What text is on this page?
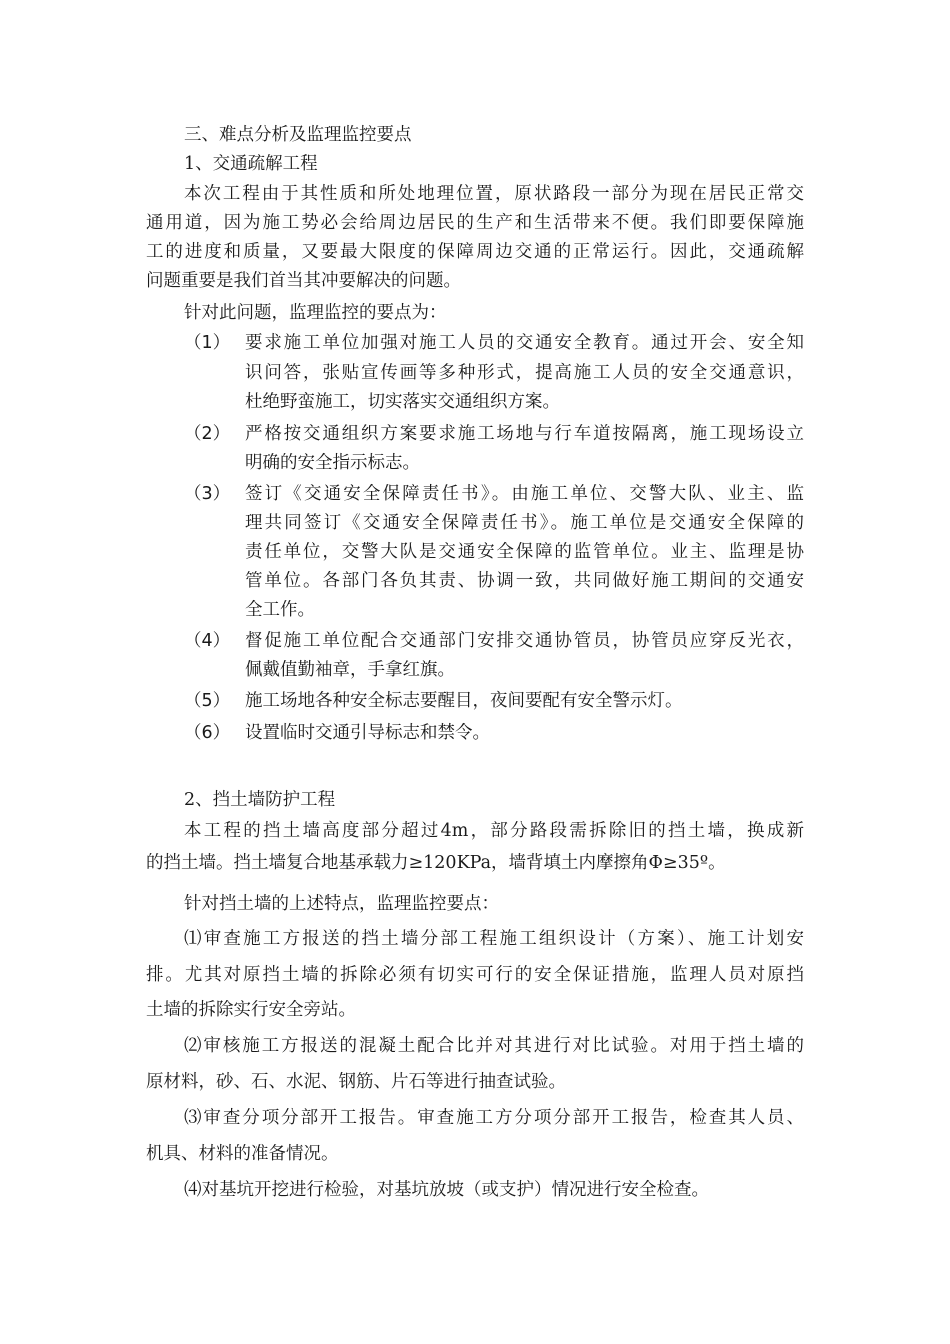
三、难点分析及监理监控要点
1、交通疏解工程
本次工程由于其性质和所处地理位置，原状路段一部分为现在居民正常交
通用道，因为施工势必会给周边居民的生产和生活带来不便。我们即要保障施
工的进度和质量，又要最大限度的保障周边交通的正常运行。因此，交通疏解
问题重要是我们首当其冲要解决的问题。
针对此问题，监理监控的要点为：
（1） 要求施工单位加强对施工人员的交通安全教育。通过开会、安全知
识问答，张贴宣传画等多种形式，提高施工人员的安全交通意识，
杜绝野蛮施工，切实落实交通组织方案。
（2） 严格按交通组织方案要求施工场地与行车道按隔离，施工现场设立
明确的安全指示标志。
（3） 签订《交通安全保障责任书》。由施工单位、交警大队、业主、监
理共同签订《交通安全保障责任书》。施工单位是交通安全保障的
责任单位，交警大队是交通安全保障的监管单位。业主、监理是协
管单位。各部门各负其责、协调一致，共同做好施工期间的交通安
全工作。
（4） 督促施工单位配合交通部门安排交通协管员，协管员应穿反光衣，
佩戴值勤袖章，手拿红旗。
（5） 施工场地各种安全标志要醒目，夜间要配有安全警示灯。
（6） 设置临时交通引导标志和禁令。
2、挡土墙防护工程
本工程的挡土墙高度部分超过4m，部分路段需拆除旧的挡土墙，换成新
的挡土墙。挡土墙复合地基承载力≥120KPa，墙背填土内摩擦角Φ≥35º。
针对挡土墙的上述特点，监理监控要点：
⑴审查施工方报送的挡土墙分部工程施工组织设计（方案）、施工计划安
排。尤其对原挡土墙的拆除必须有切实可行的安全保证措施，监理人员对原挡
土墙的拆除实行安全旁站。
⑵审核施工方报送的混凝土配合比并对其进行对比试验。对用于挡土墙的
原材料，砂、石、水泥、钢筋、片石等进行抽查试验。
⑶审查分项分部开工报告。审查施工方分项分部开工报告，检查其人员、
机具、材料的准备情况。
⑷对基坑开挖进行检验，对基坑放坡（或支护）情况进行安全检查。
